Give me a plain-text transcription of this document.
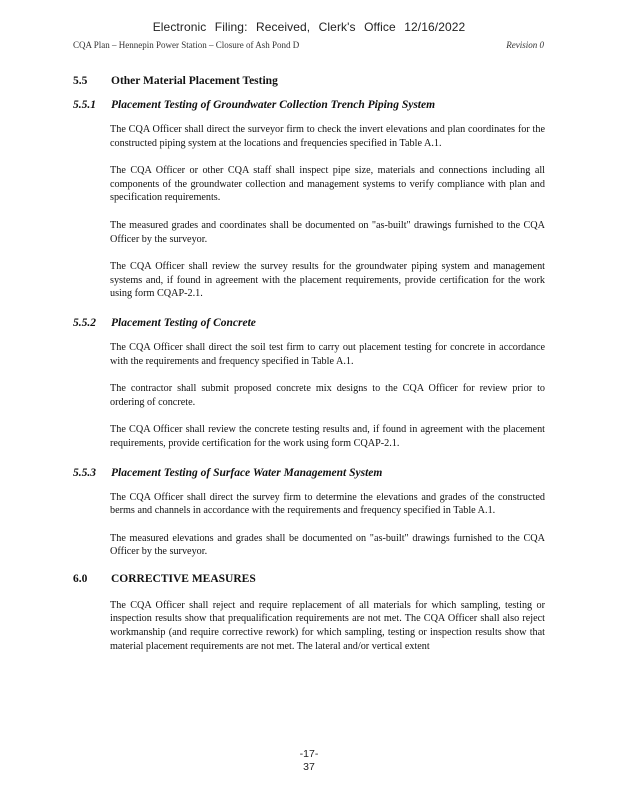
Electronic Filing: Received, Clerk's Office 12/16/2022
CQA Plan – Hennepin Power Station – Closure of Ash Pond D	Revision 0
5.5	Other Material Placement Testing
5.5.1	Placement Testing of Groundwater Collection Trench Piping System

The CQA Officer shall direct the surveyor firm to check the invert elevations and plan coordinates for the constructed piping system at the locations and frequencies specified in Table A.1.

The CQA Officer or other CQA staff shall inspect pipe size, materials and connections including all components of the groundwater collection and management systems to verify compliance with plan and specification requirements.

The measured grades and coordinates shall be documented on "as-built" drawings furnished to the CQA Officer by the surveyor.

The CQA Officer shall review the survey results for the groundwater piping system and management systems and, if found in agreement with the placement requirements, provide certification for the work using form CQAP-2.1.

5.5.2	Placement Testing of Concrete

The CQA Officer shall direct the soil test firm to carry out placement testing for concrete in accordance with the requirements and frequency specified in Table A.1.

The contractor shall submit proposed concrete mix designs to the CQA Officer for review prior to ordering of concrete.

The CQA Officer shall review the concrete testing results and, if found in agreement with the placement requirements, provide certification for the work using form CQAP-2.1.

5.5.3	Placement Testing of Surface Water Management System

The CQA Officer shall direct the survey firm to determine the elevations and grades of the constructed berms and channels in accordance with the requirements and frequency specified in Table A.1.

The measured elevations and grades shall be documented on "as-built" drawings furnished to the CQA Officer by the surveyor.

6.0	CORRECTIVE MEASURES

The CQA Officer shall reject and require replacement of all materials for which sampling, testing or inspection results show that prequalification requirements are not met. The CQA Officer shall also reject workmanship (and require corrective rework) for which sampling, testing or inspection results show that material placement requirements are not met. The lateral and/or vertical extent

-17-
37
